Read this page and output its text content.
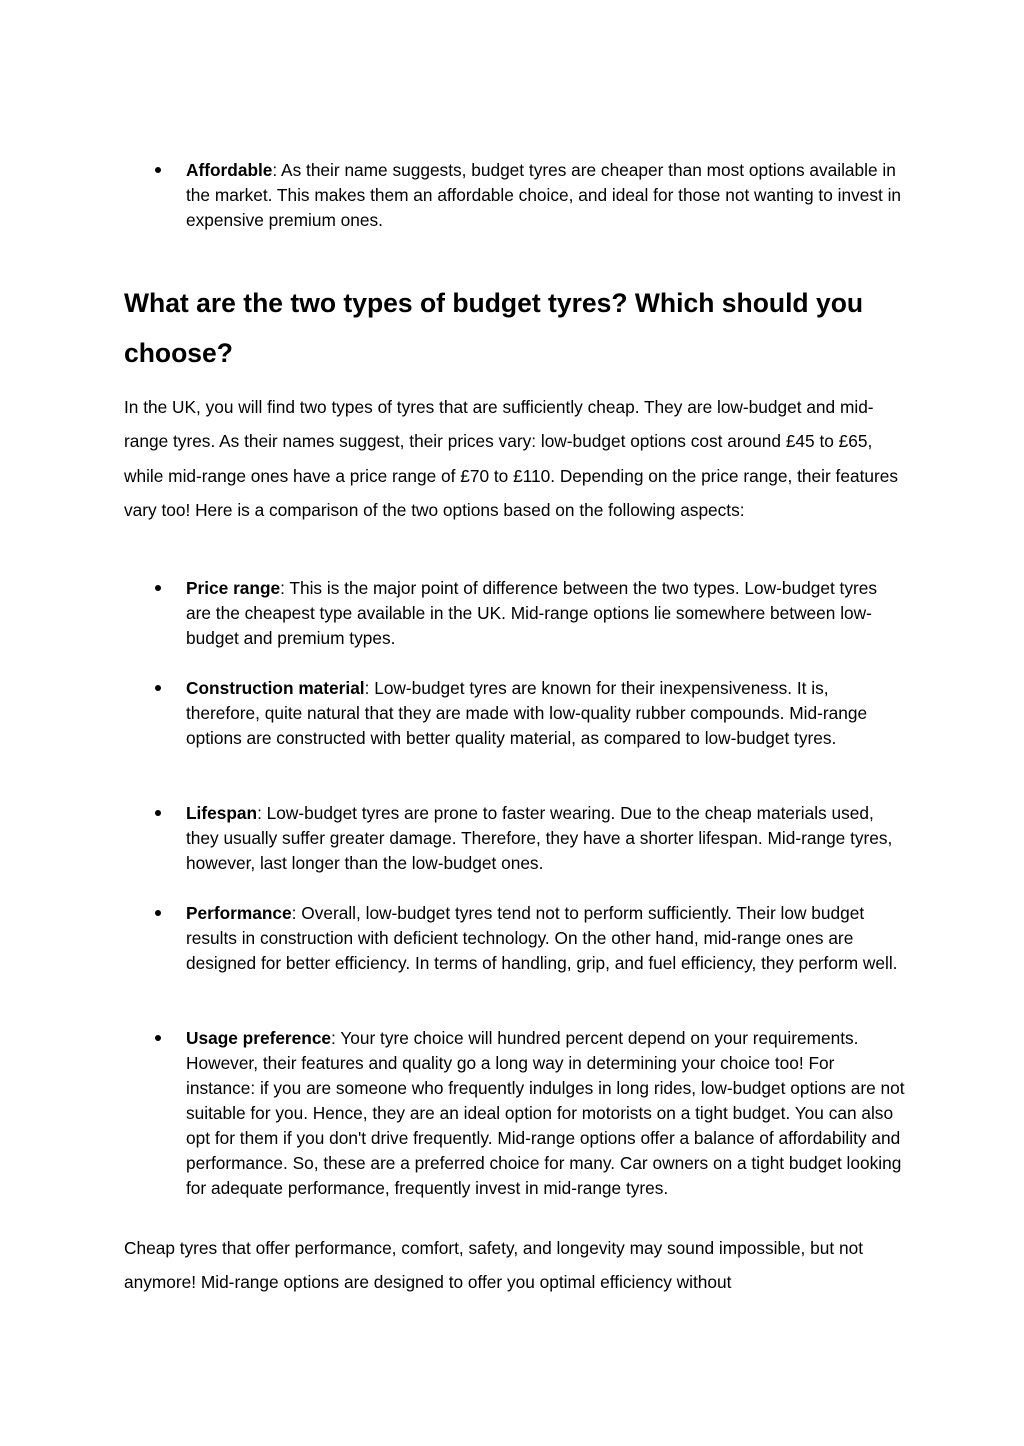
Affordable: As their name suggests, budget tyres are cheaper than most options available in the market. This makes them an affordable choice, and ideal for those not wanting to invest in expensive premium ones.
What are the two types of budget tyres? Which should you choose?

In the UK, you will find two types of tyres that are sufficiently cheap. They are low-budget and mid-range tyres. As their names suggest, their prices vary: low-budget options cost around £45 to £65, while mid-range ones have a price range of £70 to £110. Depending on the price range, their features vary too! Here is a comparison of the two options based on the following aspects:

Price range: This is the major point of difference between the two types. Low-budget tyres are the cheapest type available in the UK. Mid-range options lie somewhere between low-budget and premium types.
Construction material: Low-budget tyres are known for their inexpensiveness. It is, therefore, quite natural that they are made with low-quality rubber compounds. Mid-range options are constructed with better quality material, as compared to low-budget tyres.
Lifespan: Low-budget tyres are prone to faster wearing. Due to the cheap materials used, they usually suffer greater damage. Therefore, they have a shorter lifespan. Mid-range tyres, however, last longer than the low-budget ones.
Performance: Overall, low-budget tyres tend not to perform sufficiently. Their low budget results in construction with deficient technology. On the other hand, mid-range ones are designed for better efficiency. In terms of handling, grip, and fuel efficiency, they perform well.
Usage preference: Your tyre choice will hundred percent depend on your requirements. However, their features and quality go a long way in determining your choice too! For instance: if you are someone who frequently indulges in long rides, low-budget options are not suitable for you. Hence, they are an ideal option for motorists on a tight budget. You can also opt for them if you don't drive frequently. Mid-range options offer a balance of affordability and performance. So, these are a preferred choice for many. Car owners on a tight budget looking for adequate performance, frequently invest in mid-range tyres.

Cheap tyres that offer performance, comfort, safety, and longevity may sound impossible, but not anymore! Mid-range options are designed to offer you optimal efficiency without
